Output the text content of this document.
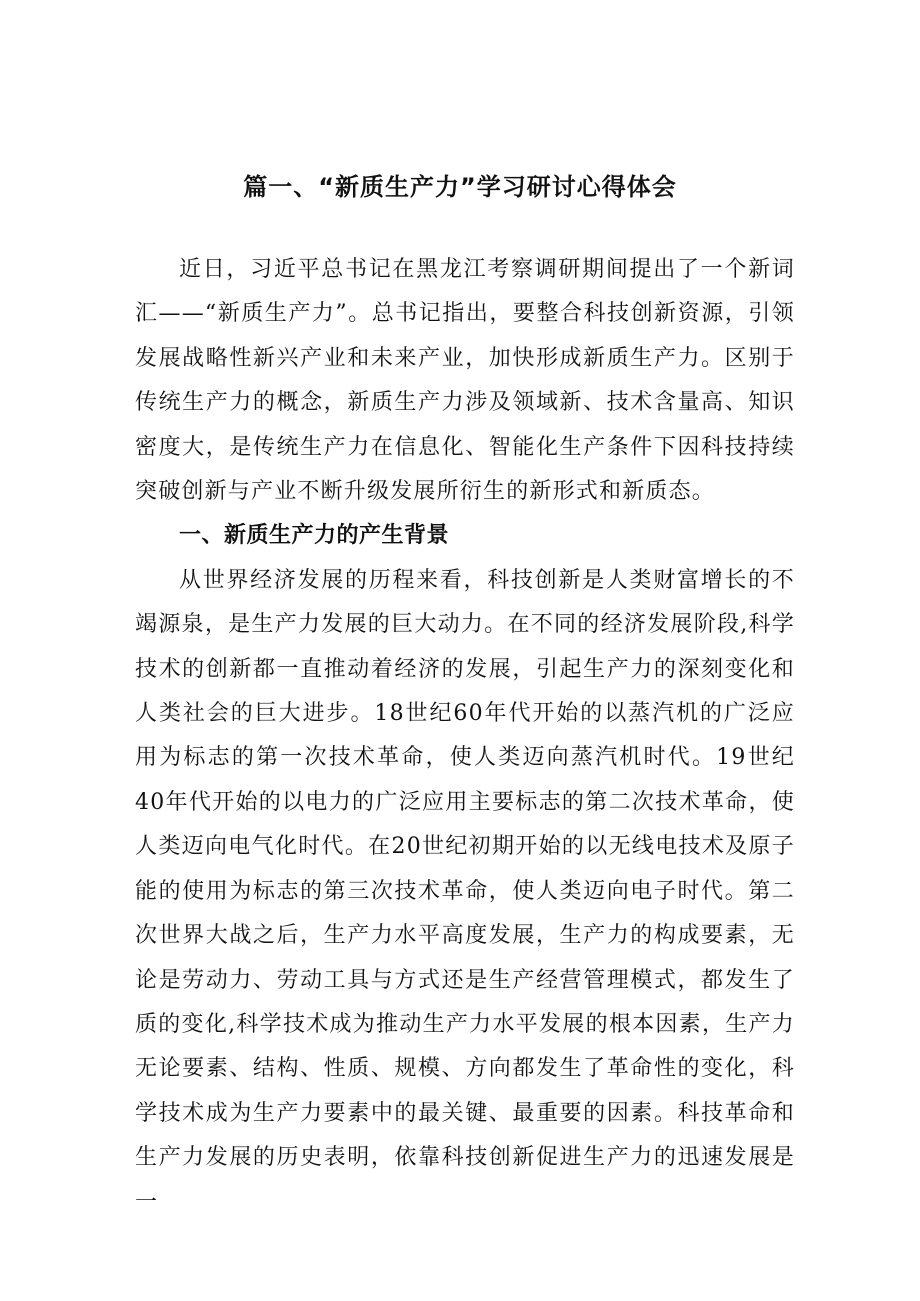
篇一、“新质生产力”学习研讨心得体会

近日，习近平总书记在黑龙江考察调研期间提出了一个新词汇——“新质生产力”。总书记指出，要整合科技创新资源，引领发展战略性新兴产业和未来产业，加快形成新质生产力。区别于传统生产力的概念，新质生产力涉及领域新、技术含量高、知识密度大，是传统生产力在信息化、智能化生产条件下因科技持续突破创新与产业不断升级发展所衍生的新形式和新质态。

一、新质生产力的产生背景

从世界经济发展的历程来看，科技创新是人类财富增长的不竭源泉，是生产力发展的巨大动力。在不同的经济发展阶段,科学技术的创新都一直推动着经济的发展，引起生产力的深刻变化和人类社会的巨大进步。18世纪60年代开始的以蒸汽机的广泛应用为标志的第一次技术革命，使人类迈向蒸汽机时代。19世纪40年代开始的以电力的广泛应用主要标志的第二次技术革命，使人类迈向电气化时代。在20世纪初期开始的以无线电技术及原子能的使用为标志的第三次技术革命，使人类迈向电子时代。第二次世界大战之后，生产力水平高度发展，生产力的构成要素，无论是劳动力、劳动工具与方式还是生产经营管理模式，都发生了质的变化,科学技术成为推动生产力水平发展的根本因素，生产力无论要素、结构、性质、规模、方向都发生了革命性的变化，科学技术成为生产力要素中的最关键、最重要的因素。科技革命和生产力发展的历史表明，依靠科技创新促进生产力的迅速发展是一
